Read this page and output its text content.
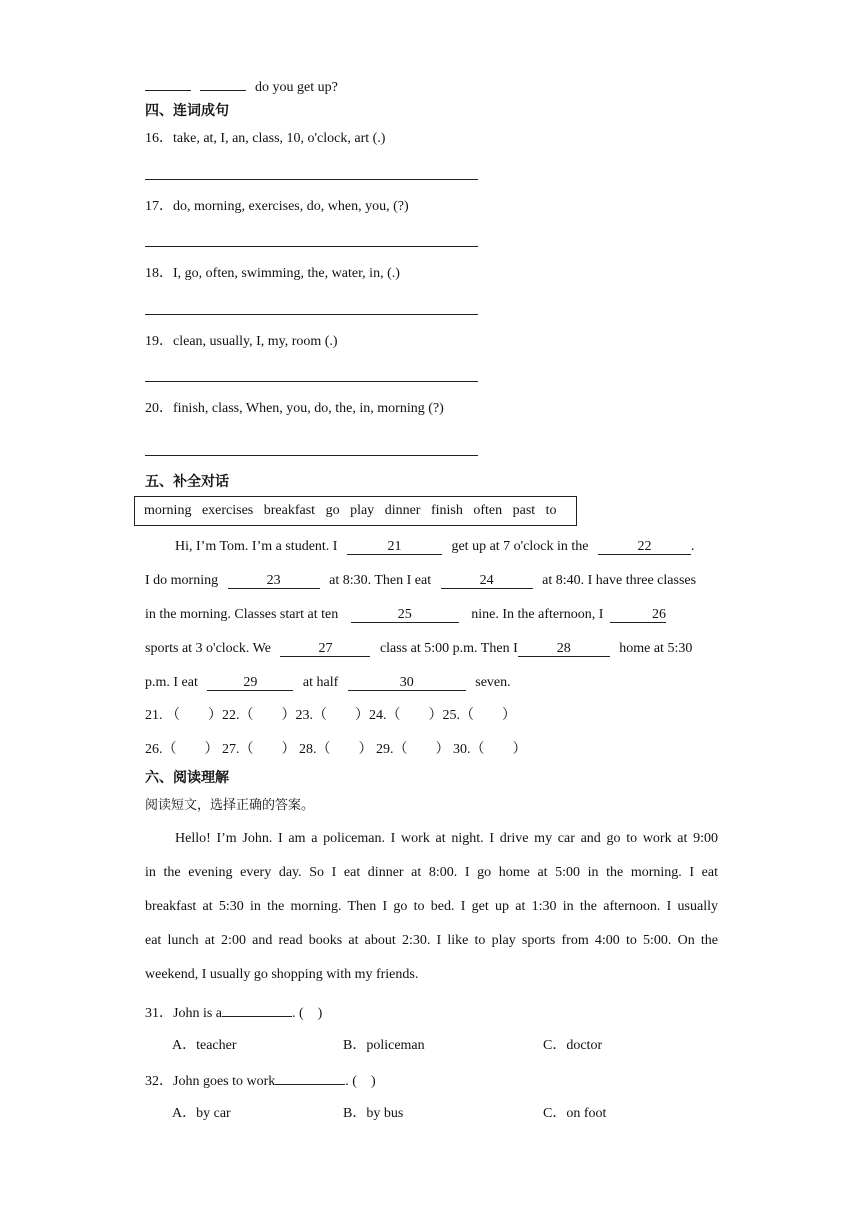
do you get up?
四、连词成句
16．take, at, I, an, class, 10, o'clock, art (.)
17．do, morning, exercises, do, when, you, (?)
18．I, go, often, swimming, the, water, in, (.)
19．clean, usually, I, my, room (.)
20．finish, class, When, you, do, the, in, morning (?)
五、补全对话
morning exercises breakfast go play dinner finish often past to
Hi, I’m Tom. I’m a student. I	21	get up at 7 o'clock in the	22	.
I do morning	23	at 8:30. Then I eat	24	at 8:40. I have three classes
in the morning. Classes start at ten	25	nine. In the afternoon, I	26
sports at 3 o'clock. We	27	class at 5:00 p.m. Then I	28	home at 5:30
p.m. I eat	29	at half	30	seven.
21. （　　）22.（　　）23.（　　）24.（　　）25.（　　）
26.（　　） 27.（　　） 28.（　　） 29.（　　） 30.（　　）
六、阅读理解
阅读短文，选择正确的答案。
Hello! I’m John. I am a policeman. I work at night. I drive my car and go to work at 9:00
in the evening every day. So I eat dinner at 8:00. I go home at 5:00 in the morning. I eat
breakfast at 5:30 in the morning. Then I go to bed. I get up at 1:30 in the afternoon. I usually
eat lunch at 2:00 and read books at about 2:30. I like to play sports from 4:00 to 5:00. On the
weekend, I usually go shopping with my friends.
31．John is a	. (　)
A．teacher	B．policeman	C．doctor
32．John goes to work	. (　)
A．by car	B．by bus	C．on foot
